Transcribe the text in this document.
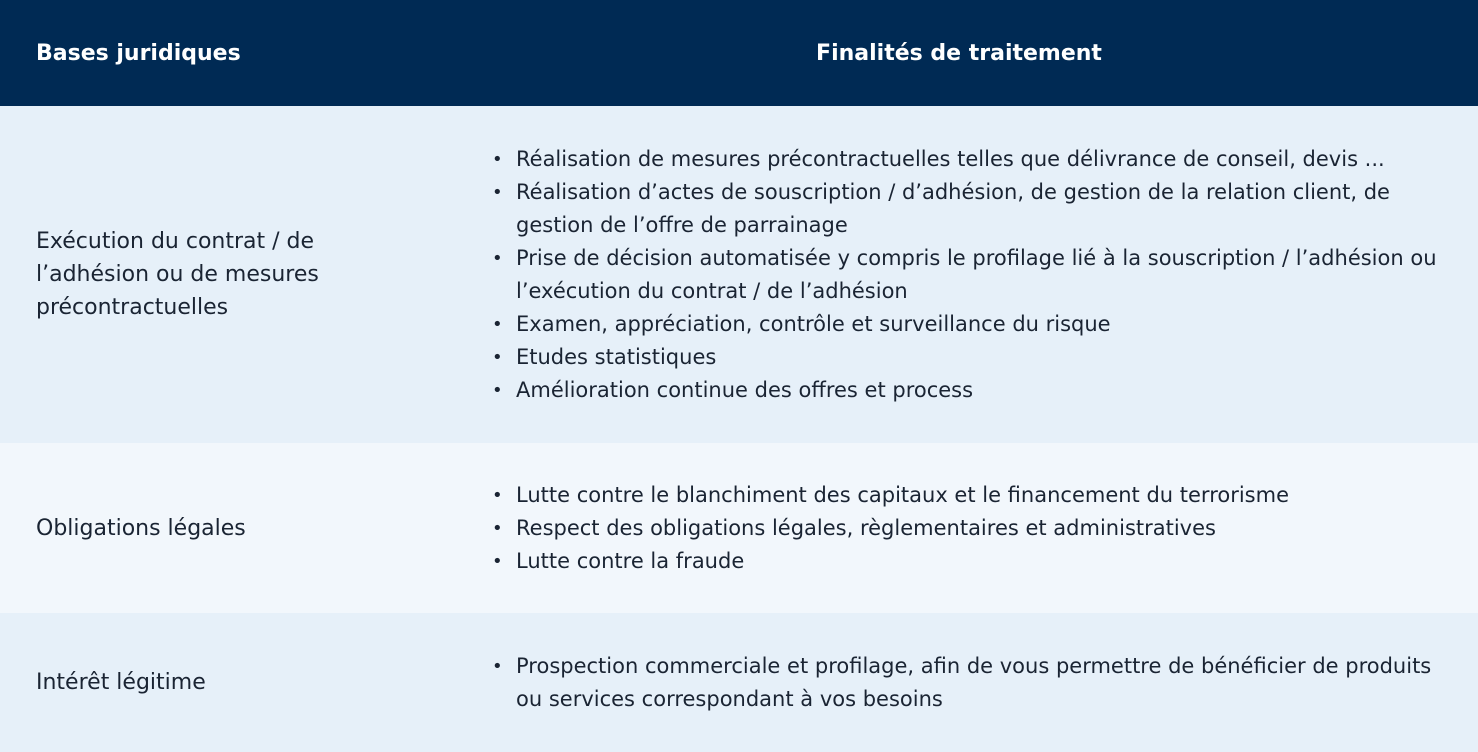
Bases juridiques	Finalités de traitement
Exécution du contrat / de l’adhésion ou de mesures précontractuelles
• Réalisation de mesures précontractuelles telles que délivrance de conseil, devis ...
• Réalisation d’actes de souscription / d’adhésion, de gestion de la relation client, de gestion de l’offre de parrainage
• Prise de décision automatisée y compris le profilage lié à la souscription / l’adhésion ou l’exécution du contrat / de l’adhésion
• Examen, appréciation, contrôle et surveillance du risque
• Etudes statistiques
• Amélioration continue des offres et process
Obligations légales
• Lutte contre le blanchiment des capitaux et le financement du terrorisme
• Respect des obligations légales, règlementaires et administratives
• Lutte contre la fraude
Intérêt légitime
• Prospection commerciale et profilage, afin de vous permettre de bénéficier de produits ou services correspondant à vos besoins
